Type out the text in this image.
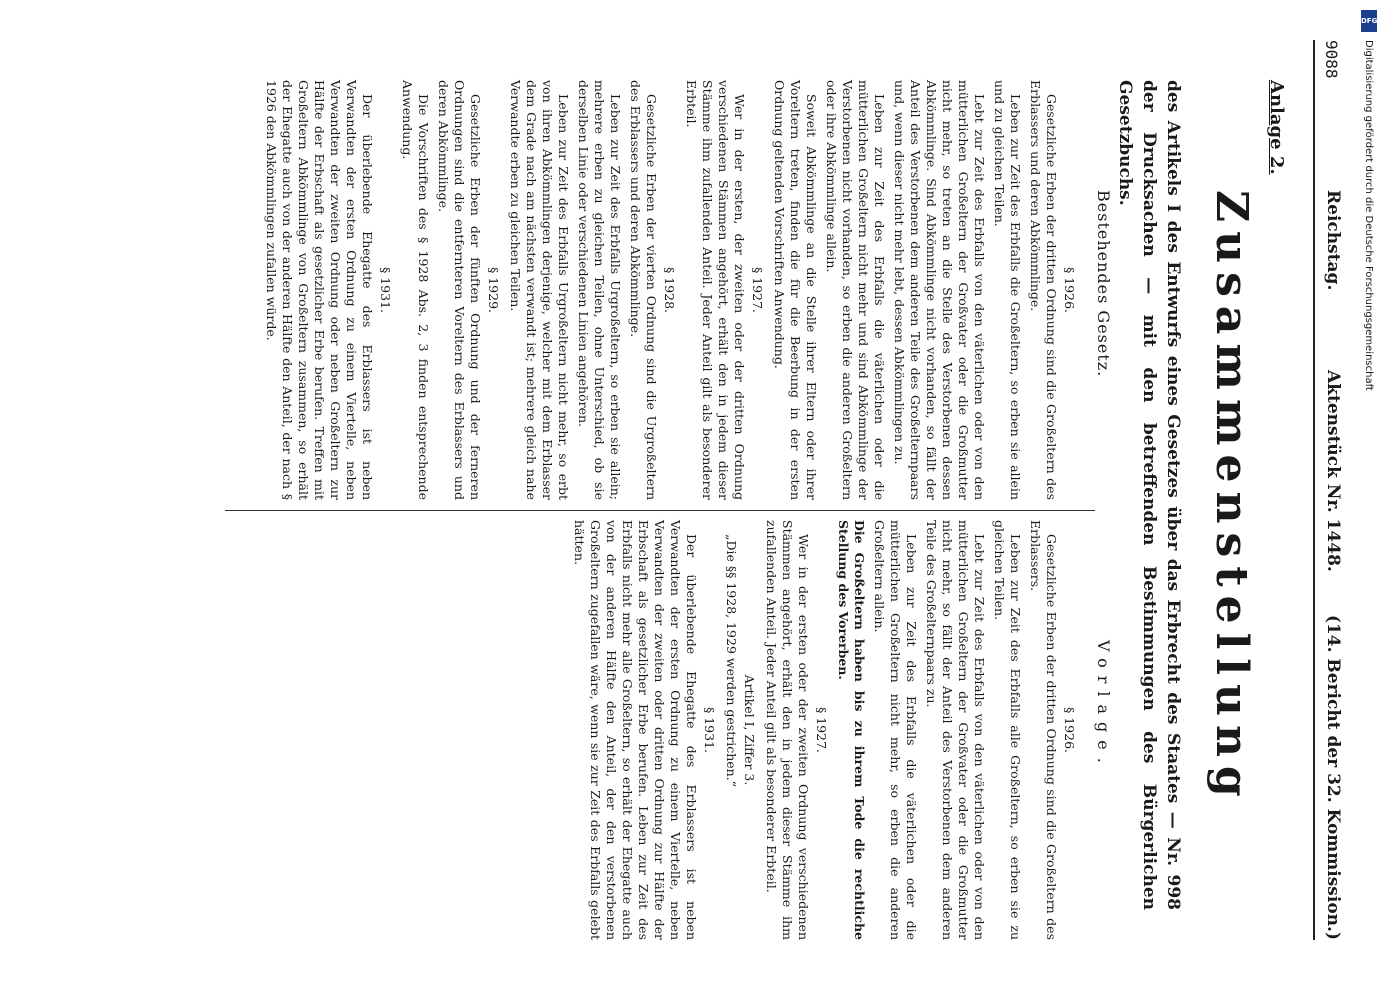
9088
Reichstag.
Aktenstück Nr. 1448.
(14. Bericht der 32. Kommission.)
Anlage 2.
Zusammenstellung
des Artikels I des Entwurfs eines Gesetzes über das Erbrecht des Staates — Nr. 998 der Drucksachen — mit den betreffenden Bestimmungen des Bürgerlichen Gesetzbuchs.
Bestehendes Gesetz.
Vorlage.

§ 1926.

Gesetzliche Erben der dritten Ordnung sind die Großeltern des Erblassers und deren Abkömmlinge.

Leben zur Zeit des Erbfalls die Großeltern, so erben sie allein und zu gleichen Teilen.

Lebt zur Zeit des Erbfalls von den väterlichen oder von den mütterlichen Großeltern der Großvater oder die Großmutter nicht mehr, so treten an die Stelle des Verstorbenen dessen Abkömmlinge. Sind Abkömmlinge nicht vorhanden, so fällt der Anteil des Verstorbenen dem anderen Teile des Großelternpaars und, wenn dieser nicht mehr lebt, dessen Abkömmlingen zu.

Leben zur Zeit des Erbfalls die väterlichen oder die mütterlichen Großeltern nicht mehr und sind Abkömmlinge der Verstorbenen nicht vorhanden, so erben die anderen Großeltern oder ihre Abkömmlinge allein.

Soweit Abkömmlinge an die Stelle ihrer Eltern oder ihrer Voreltern treten, finden die für die Beerbung in der ersten Ordnung geltenden Vorschriften Anwendung.

§ 1927.

Wer in der ersten, der zweiten oder der dritten Ordnung verschiedenen Stämmen angehört, erhält den in jedem dieser Stämme ihm zufallenden Anteil. Jeder Anteil gilt als besonderer Erbteil.

§ 1928.

Gesetzliche Erben der vierten Ordnung sind die Urgroßeltern des Erblassers und deren Abkömmlinge.

Leben zur Zeit des Erbfalls Urgroßeltern, so erben sie allein; mehrere erben zu gleichen Teilen, ohne Unterschied, ob sie derselben Linie oder verschiedenen Linien angehören.

Leben zur Zeit des Erbfalls Urgroßeltern nicht mehr, so erbt von ihren Abkömmlingen derjenige, welcher mit dem Erblasser dem Grade nach am nächsten verwandt ist; mehrere gleich nahe Verwandte erben zu gleichen Teilen.

§ 1929.

Gesetzliche Erben der fünften Ordnung und der ferneren Ordnungen sind die entfernteren Voreltern des Erblassers und deren Abkömmlinge.

Die Vorschriften des § 1928 Abs. 2, 3 finden entsprechende Anwendung.

§ 1931.

Der überlebende Ehegatte des Erblassers ist neben Verwandten der ersten Ordnung zu einem Viertelle, neben Verwandten der zweiten Ordnung oder neben Großeltern zur Hälfte der Erbschaft als gesetzlicher Erbe berufen. Treffen mit Großeltern Abkömmlinge von Großeltern zusammen, so erhält der Ehegatte auch von der anderen Hälfte den Anteil, der nach § 1926 den Abkömmlingen zufallen würde.

§ 1926.

Gesetzliche Erben der dritten Ordnung sind die Großeltern des Erblassers.

Leben zur Zeit des Erbfalls alle Großeltern, so erben sie zu gleichen Teilen.

Lebt zur Zeit des Erbfalls von den väterlichen oder von den mütterlichen Großeltern der Großvater oder die Großmutter nicht mehr, so fällt der Anteil des Verstorbenen dem anderen Teile des Großelternpaars zu.

Leben zur Zeit des Erbfalls die väterlichen oder die mütterlichen Großeltern nicht mehr, so erben die anderen Großeltern allein.

Die Großeltern haben bis zu ihrem Tode die rechtliche Stellung des Vorerben.

§ 1927.

Wer in der ersten oder der zweiten Ordnung verschiedenen Stämmen angehört, erhält den in jedem dieser Stämme ihm zufallenden Anteil. Jeder Anteil gilt als besonderer Erbteil.

Artikel I, Ziffer 3.

„Die §§ 1928, 1929 werden gestrichen.“

§ 1931.

Der überlebende Ehegatte des Erblassers ist neben Verwandten der ersten Ordnung zu einem Viertelle, neben Verwandten der zweiten oder dritten Ordnung zur Hälfte der Erbschaft als gesetzlicher Erbe berufen. Leben zur Zeit des Erbfalls nicht mehr alle Großeltern, so erhält der Ehegatte auch von der anderen Hälfte den Anteil, der den verstorbenen Großeltern zugefallen wäre, wenn sie zur Zeit des Erbfalls gelebt hätten.

DFG
Digitalisierung gefördert durch die Deutsche Forschungsgemeinschaft
